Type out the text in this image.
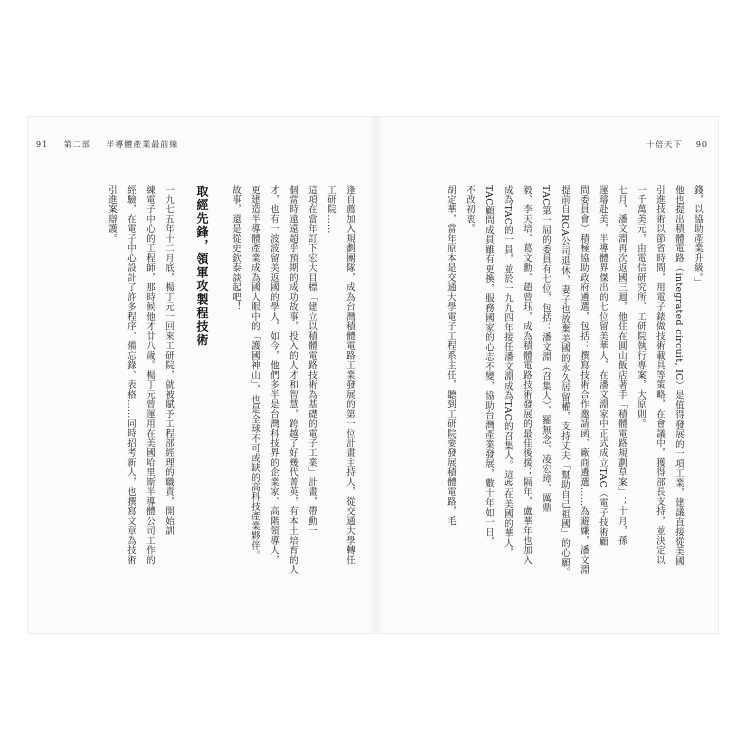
91 第二部 半導體產業最前線	十倍天下 90
逢自薦加入規劃團隊，成為台灣積體電路工業發展的第一位計畫主持人，從交通大學轉任
工研院……
這項在當年訂下宏大目標「建立以積體電路技術為基礎的電子工業」計畫，帶動一
個當時遠遠超乎預期的成功故事，投入的人才和智慧，跨越了好幾代菁英，有本土培育的人
才，也有一波波留美返國的學人，如今，他們多半是台灣科技界的企業家、高階領導人，
更建造半導體產業成為國人眼中的「護國神山」，也是全球不可或缺的高科技產業夥伴。
故事，還是從史欽泰談起吧！
取經先鋒，領軍攻製程技術
一九七五年十二月底，楊丁元一回來工研院，就被賦予工程部經理的職責，開始訓
練電子中心的工程師，那時候他才廿八歲。楊丁元曾運用在美國哈里斯半導體公司工作的
經驗，在電子中心設計了許多程序、備忘錄、表格……同時招考新人，也撰寫文章為技術
引進案辯護。	錢，以協助產業升級。」
他也提出積體電路（integrated circuit, IC）是值得發展的一項工業，建議直接從美國
引進技術以節省時間，用電子錶做技術載具等策略，在會議中，獲得部長支持，並決定以
一千萬美元，由電信研究所、工研院執行專案，大原則。
七月，潘文淵再次返國三週，他住在圓山飯店著手「積體電路規劃草案」；十月，孫
運璿赴美，半導體界傑出的七位留美華人，在潘文淵家中正式成立TAC（電子技術顧
問委員會）積極協助政府遴選，包括：撰寫技術合作邀請函、廠商遴選……為避嫌，潘文淵
提前自RCA公司退休，妻子也放棄美國的永久居留權，支持丈夫「幫助自己祖國」的心願。
TAC第一屆的委員有七位，包括：潘文淵（召集人）、羅無念、凌宏璋、厲鼎
毅、李天培、葛文勳、趙曾珏，成為積體電路技術發展的最佳後援；隔年，盧華年也加入
成為TAC的一員，並於一九九四年接任潘文淵成為TAC的召集人。這些在美國的華人，
TAC顧問成員雖有更換，服務國家的心志不變，協助台灣產業發展，數十年如一日，
不改初衷。
胡定華，當年原本是交通大學電子工程系主任，聽到工研院要發展積體電路，毛
